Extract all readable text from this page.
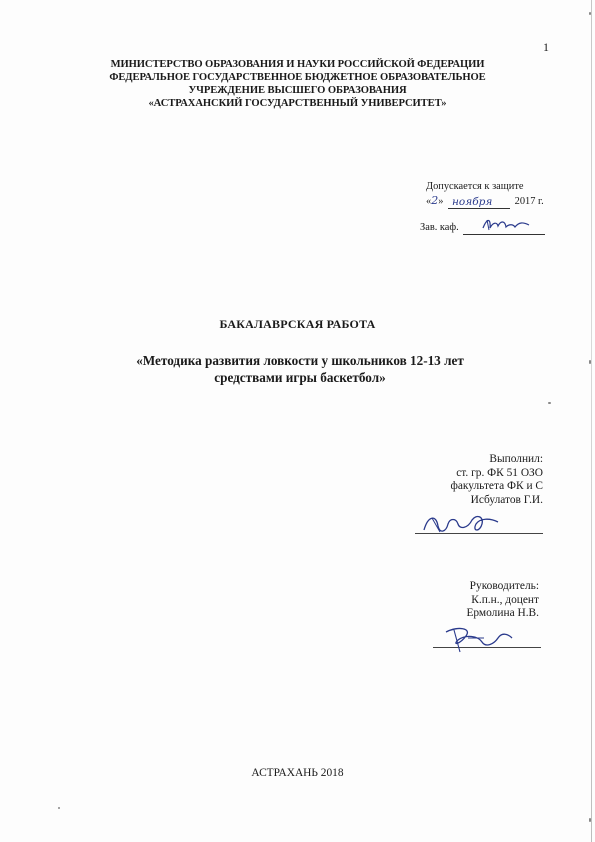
1
МИНИСТЕРСТВО ОБРАЗОВАНИЯ И НАУКИ РОССИЙСКОЙ ФЕДЕРАЦИИ
ФЕДЕРАЛЬНОЕ ГОСУДАРСТВЕННОЕ БЮДЖЕТНОЕ ОБРАЗОВАТЕЛЬНОЕ
УЧРЕЖДЕНИЕ ВЫСШЕГО ОБРАЗОВАНИЯ
«АСТРАХАНСКИЙ ГОСУДАРСТВЕННЫЙ УНИВЕРСИТЕТ»
Допускается к защите
«2» ноября 2017 г.
Зав. каф.
БАКАЛАВРСКАЯ РАБОТА
«Методика развития ловкости у школьников 12-13 лет
средствами игры баскетбол»
Выполнил:
ст. гр. ФК 51 ОЗО
факультета ФК и С
Исбулатов Г.И.
Руководитель:
К.п.н., доцент
Ермолина Н.В.
АСТРАХАНЬ 2018
